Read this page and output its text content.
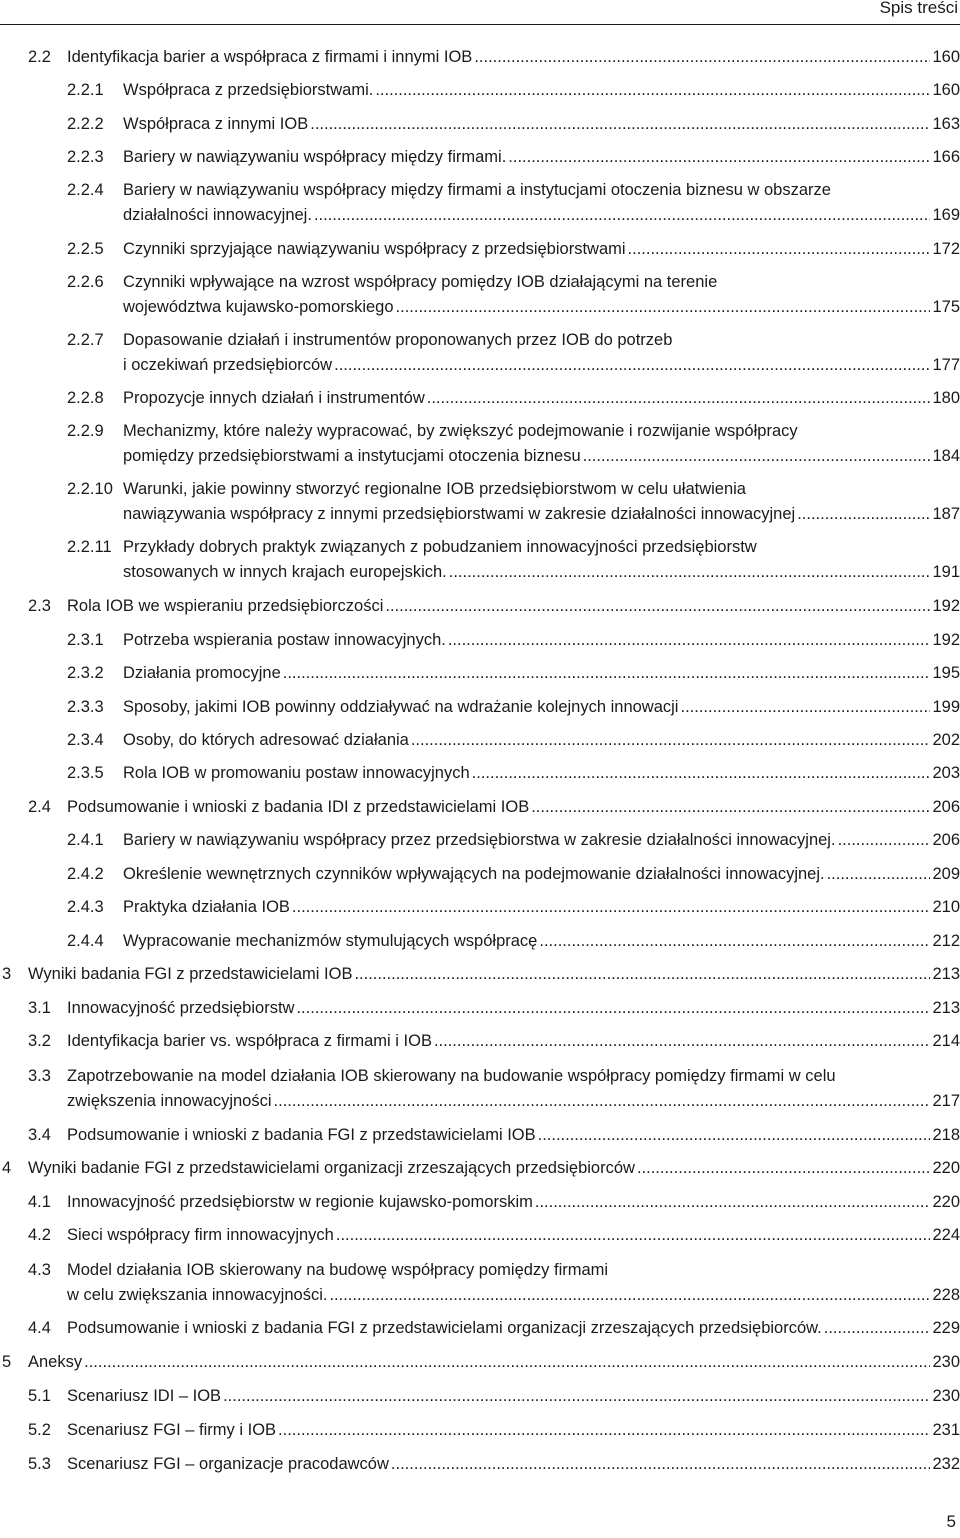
Spis treści
2.2 Identyfikacja barier a współpraca z firmami i innymi IOB .....	160
2.2.1 Współpraca z przedsiębiorstwami. .....	160
2.2.2 Współpraca z innymi IOB .....	163
2.2.3 Bariery w nawiązywaniu współpracy między firmami. .....	166
2.2.4 Bariery w nawiązywaniu współpracy między firmami a instytucjami otoczenia biznesu w obszarze
działalności innowacyjnej. .....	169
2.2.5 Czynniki sprzyjające nawiązywaniu współpracy z przedsiębiorstwami .....	172
2.2.6 Czynniki wpływające na wzrost współpracy pomiędzy IOB działającymi na terenie
województwa kujawsko-pomorskiego .....	175
2.2.7 Dopasowanie działań i instrumentów proponowanych przez IOB do potrzeb
i oczekiwań przedsiębiorców .....	177
2.2.8 Propozycje innych działań i instrumentów .....	180
2.2.9 Mechanizmy, które należy wypracować, by zwiększyć podejmowanie i rozwijanie współpracy
pomiędzy przedsiębiorstwami a instytucjami otoczenia biznesu .....	184
2.2.10 Warunki, jakie powinny stworzyć regionalne IOB przedsiębiorstwom w celu ułatwienia
nawiązywania współpracy z innymi przedsiębiorstwami w zakresie działalności innowacyjnej .....	187
2.2.11 Przykłady dobrych praktyk związanych z pobudzaniem innowacyjności przedsiębiorstw
stosowanych w innych krajach europejskich. .....	191
2.3 Rola IOB we wspieraniu przedsiębiorczości .....	192
2.3.1 Potrzeba wspierania postaw innowacyjnych. .....	192
2.3.2 Działania promocyjne .....	195
2.3.3 Sposoby, jakimi IOB powinny oddziaływać na wdrażanie kolejnych innowacji .....	199
2.3.4 Osoby, do których adresować działania .....	202
2.3.5 Rola IOB w promowaniu postaw innowacyjnych .....	203
2.4 Podsumowanie i wnioski z badania IDI z przedstawicielami IOB .....	206
2.4.1 Bariery w nawiązywaniu współpracy przez przedsiębiorstwa w zakresie działalności innowacyjnej. .....	206
2.4.2 Określenie wewnętrznych czynników wpływających na podejmowanie działalności innowacyjnej. .....	209
2.4.3 Praktyka działania IOB .....	210
2.4.4 Wypracowanie mechanizmów stymulujących współpracę .....	212
3 Wyniki badania FGI z przedstawicielami IOB .....	213
3.1 Innowacyjność przedsiębiorstw .....	213
3.2 Identyfikacja barier vs. współpraca z firmami i IOB .....	214
3.3 Zapotrzebowanie na model działania IOB skierowany na budowanie współpracy pomiędzy firmami w celu
zwiększenia innowacyjności .....	217
3.4 Podsumowanie i wnioski z badania FGI z przedstawicielami IOB .....	218
4 Wyniki badanie FGI z przedstawicielami organizacji zrzeszających przedsiębiorców .....	220
4.1 Innowacyjność przedsiębiorstw w regionie kujawsko-pomorskim .....	220
4.2 Sieci współpracy firm innowacyjnych .....	224
4.3 Model działania IOB skierowany na budowę współpracy pomiędzy firmami
w celu zwiększania innowacyjności. .....	228
4.4 Podsumowanie i wnioski z badania FGI z przedstawicielami organizacji zrzeszających przedsiębiorców. .....	229
5 Aneksy .....	230
5.1 Scenariusz IDI – IOB .....	230
5.2 Scenariusz FGI – firmy i IOB .....	231
5.3 Scenariusz FGI – organizacje pracodawców .....	232
5
